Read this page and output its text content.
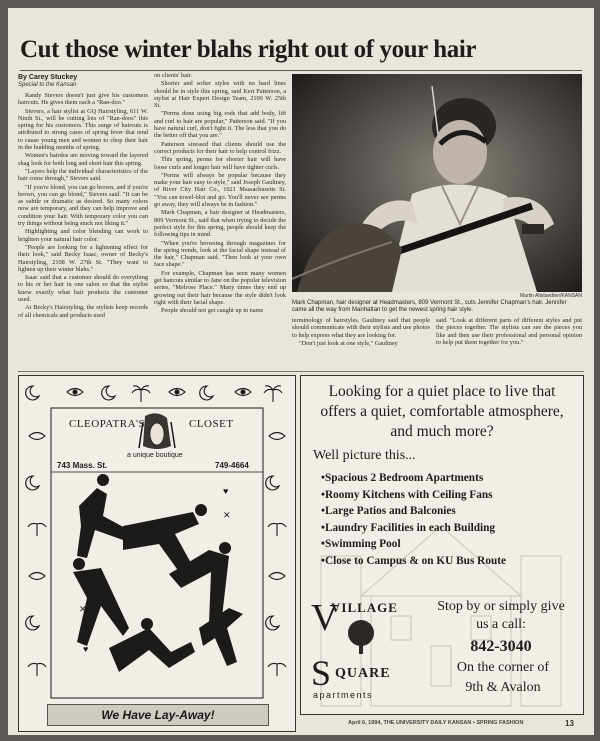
Cut those winter blahs right out of your hair
By Carey Stuckey
Special to the Kansan

Randy Sievers doesn't just give his customers haircuts. He gives them each a "Ran-doo."

Sievers, a hair stylist at GQ Hairstyling, 611 W. Ninth St., will be cutting lots of "Ran-doos" this spring for his customers. This surge of haircuts is attributed to strong cases of spring fever that tend to cause young men and women to chop their hair in the budding months of spring.

Women's hairdos are moving toward the layered shag look for both long and short hair this spring.

"Layers help the individual characteristics of the hair come through," Sievers said.

"If you're blond, you can go brown, and if you're brown, you can go blond," Sievers said. "It can be as subtle or dramatic as desired. So many colors now are temporary, and they can help improve and condition your hair. With temporary color you can try things without being stuck not liking it."

Highlighting and color blending can work to brighten your natural hair color.

"People are looking for a lightening effect for their look," said Becky Isaac, owner of Becky's Hairstyling, 2108 W. 27th St. "They want to lighten up their winter blahs."

Isaac said that a customer should do everything to his or her hair in one salon so that the stylist knew exactly what hair products the customer used.

At Becky's Hairstyling, the stylists keep records of all chemicals and products used

on clients' hair.

Shorter and softer styles with no hard lines should be in style this spring, said Keri Patterson, a stylist at Hair Expert Design Team, 2100 W. 25th St.

"Perms done using big rods that add body, lift and curl to hair are popular," Patterson said. "If you have natural curl, don't fight it. The less that you do the better off that you are."

Patterson stressed that clients should use the correct products for their hair to help control frizz.

This spring, perms for shorter hair will have loose curls and longer hair will have tighter curls.

"Perms will always be popular because they make your hair easy to style," said Joseph Gaultney, of River City Hair Co., 1021 Massachusetts St. "You can towel-blot and go. You'll never see perms go away, they will always be in fashion."

Mark Chapman, a hair designer at Headmasters, 809 Vermont St., said that when trying to decide the perfect style for this spring, people should keep the following tips in mind.

"When you're browsing through magazines for the spring trends, look at the facial shape instead of the hair," Chapman said. "Then look at your own face shape."

For example, Chapman has seen many women get haircuts similar to Jane on the popular television series, "Melrose Place." Many times they end up growing out their hair because the style didn't look right with their facial shape.

People should not get caught up in name

Martin Altstaedten/KANSAN
Mark Chapman, hair designer at Headmasters, 809 Vermont St., cuts Jennifer Chapman's hair. Jennifer came all the way from Manhattan to get the newest spring hair style.

terminology of hairstyles. Gaultney said that people should communicate with their stylists and use photos to help express what they are looking for.

"Don't just look at one style," Gaultney

said. "Look at different parts of different styles and put the pieces together. The stylists can see the pieces you like and then use their professional and personal opinion to help put them together for you."

✕
✕
♥
♥
CLEOPATRA'S	CLOSET
a unique boutique
743 Mass. St.	749-4664
We Have Lay-Away!
Looking for a quiet place to live that offers a quiet, comfortable atmosphere, and much more?
Well picture this...
•Spacious 2 Bedroom Apartments
•Roomy Kitchens with Ceiling Fans
•Large Patios and Balconies
•Laundry Facilities in each Building
•Swimming Pool
•Close to Campus & on KU Bus Route
V
VILLAGE
S QUARE
apartments
Stop by or simply give us a call:
842-3040
On the corner of
9th & Avalon
April 6, 1994, THE UNIVERSITY DAILY KANSAN • SPRING FASHION	13
